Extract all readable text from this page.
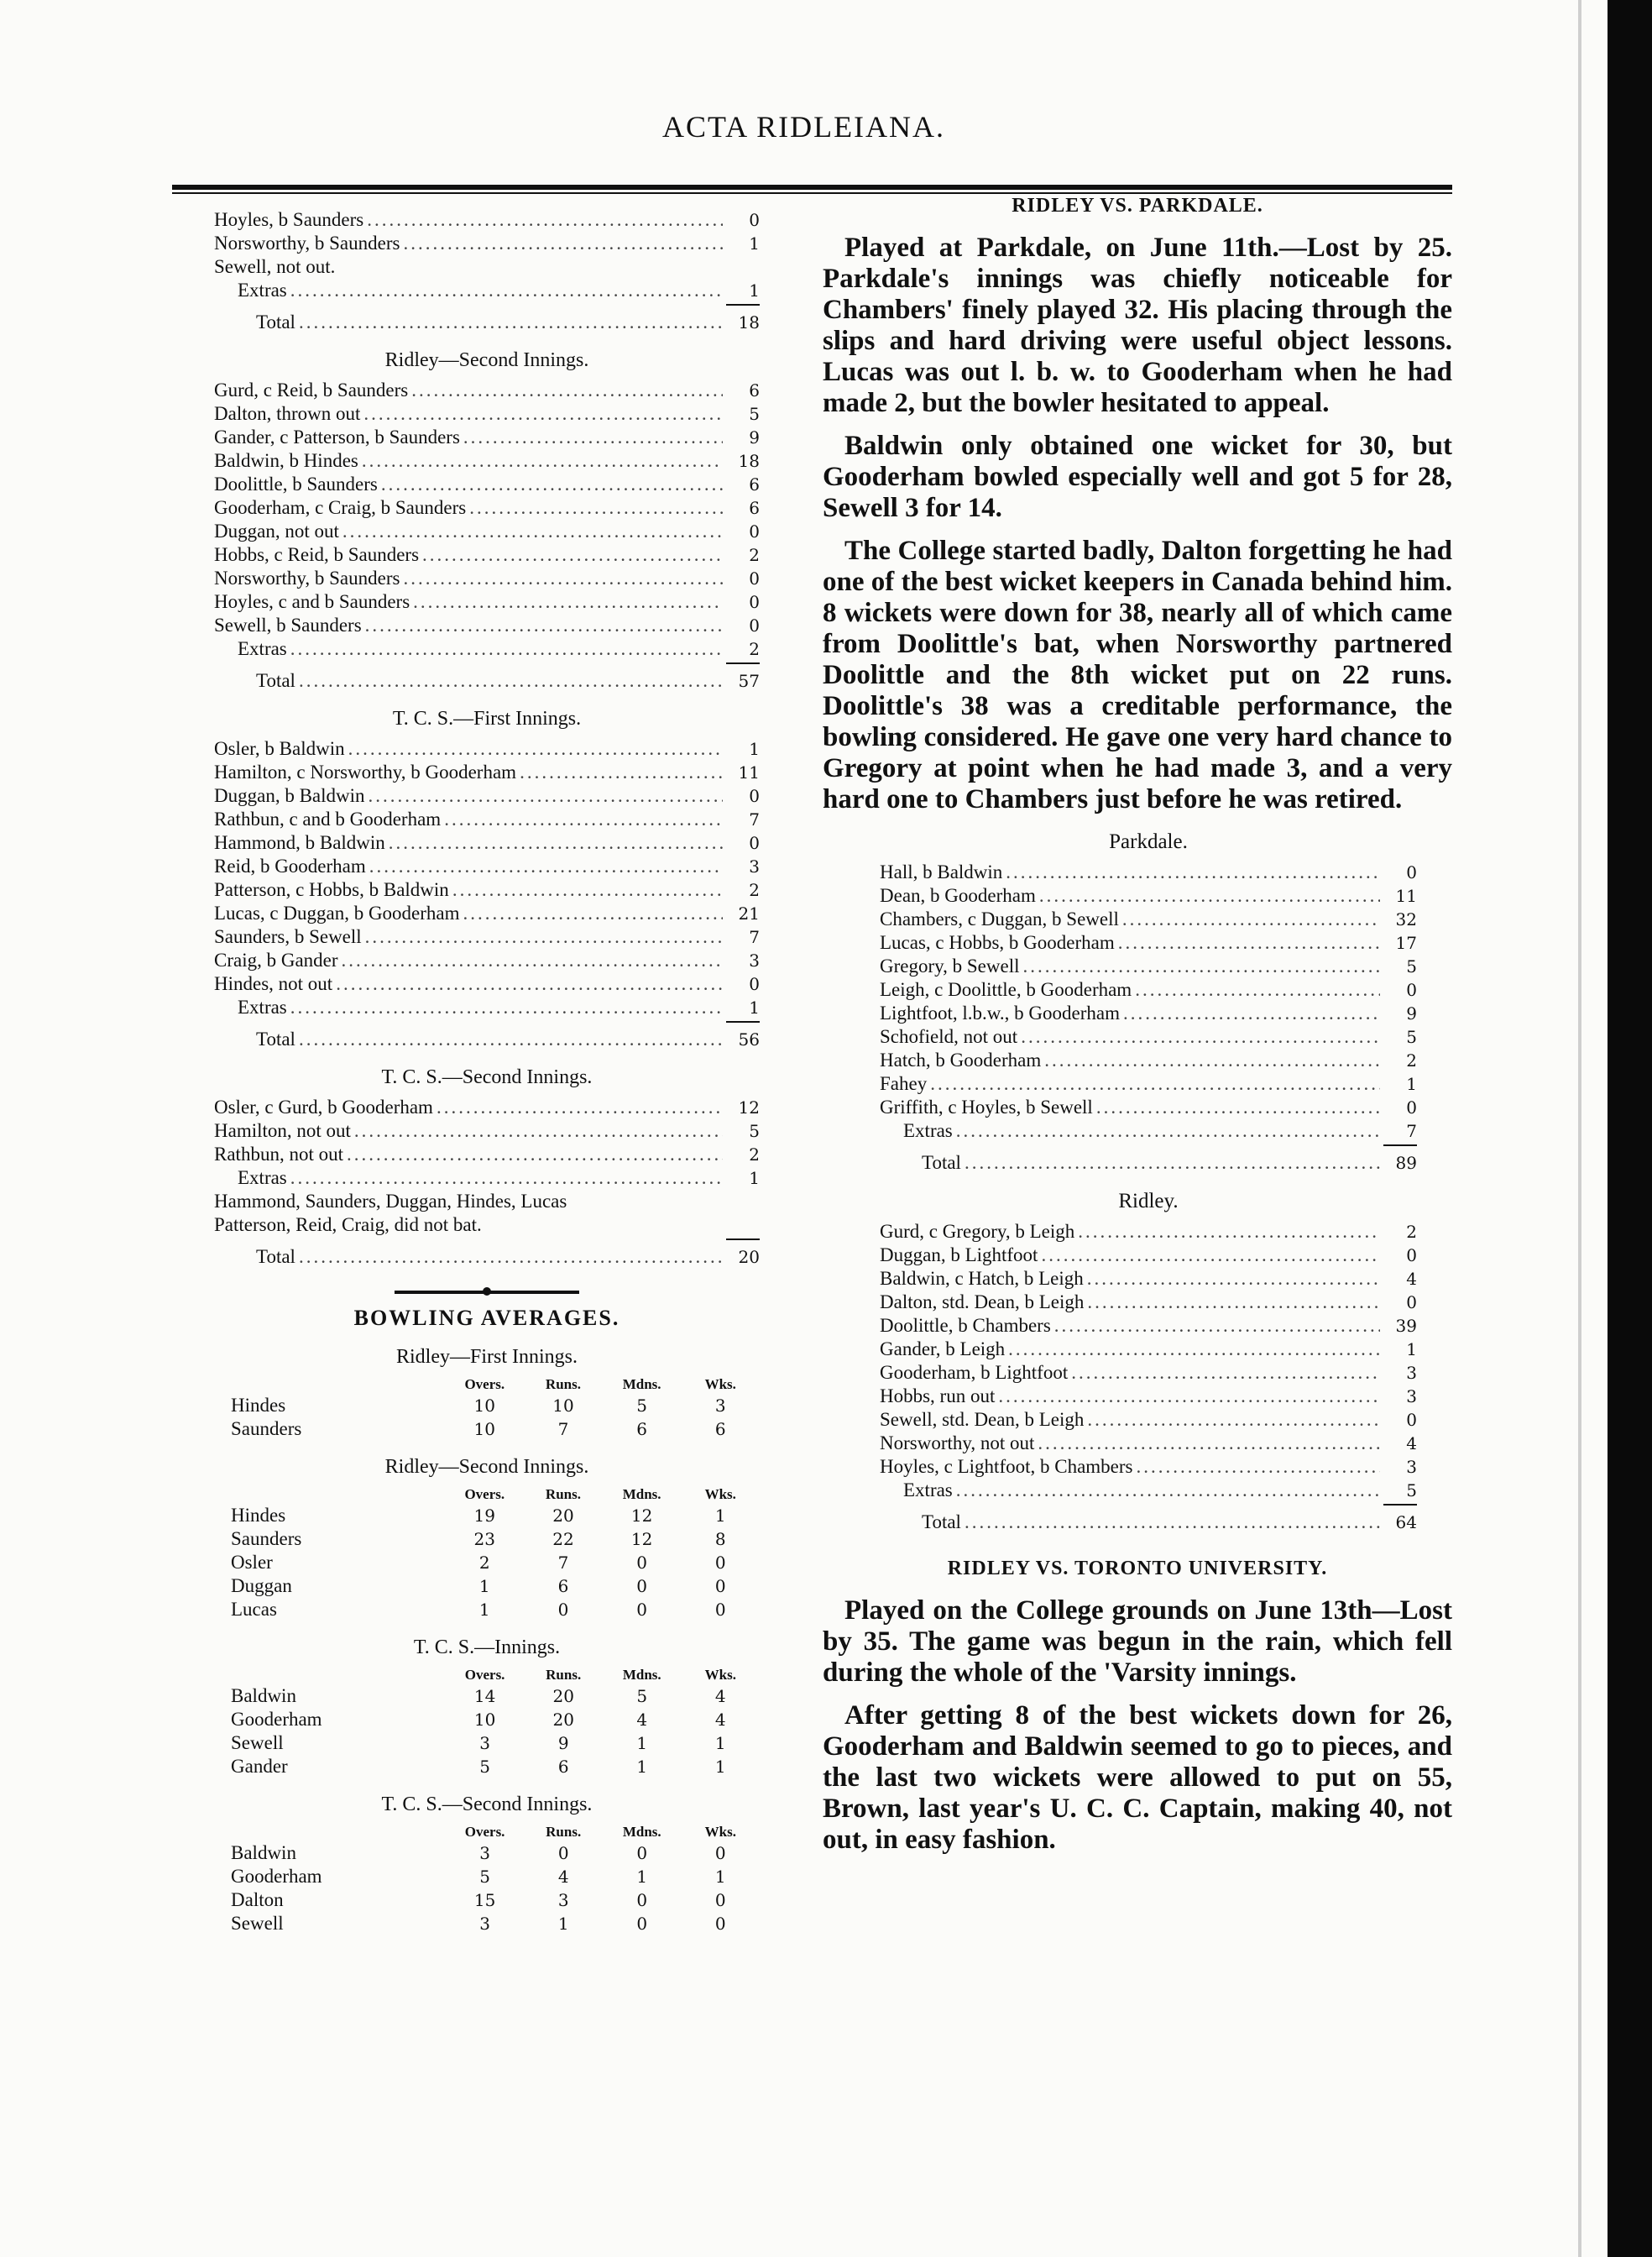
ACTA RIDLEIANA.
Hoyles, b Saunders .....	0
Norsworthy, b Saunders .....	1
Sewell, not out.
Extras .....	1
Total .....	18
Ridley—Second Innings.
Gurd, c Reid, b Saunders .....	6
Dalton, thrown out .....	5
Gander, c Patterson, b Saunders .....	9
Baldwin, b Hindes .....	18
Doolittle, b Saunders .....	6
Gooderham, c Craig, b Saunders .....	6
Duggan, not out .....	0
Hobbs, c Reid, b Saunders .....	2
Norsworthy, b Saunders .....	0
Hoyles, c and b Saunders .....	0
Sewell, b Saunders .....	0
Extras .....	2
Total .....	57
T. C. S.—First Innings.
Osler, b Baldwin .....	1
Hamilton, c Norsworthy, b Gooderham .....	11
Duggan, b Baldwin .....	0
Rathbun, c and b Gooderham .....	7
Hammond, b Baldwin .....	0
Reid, b Gooderham .....	3
Patterson, c Hobbs, b Baldwin .....	2
Lucas, c Duggan, b Gooderham .....	21
Saunders, b Sewell .....	7
Craig, b Gander .....	3
Hindes, not out .....	0
Extras .....	1
Total .....	56
T. C. S.—Second Innings.
Osler, c Gurd, b Gooderham .....	12
Hamilton, not out .....	5
Rathbun, not out .....	2
Extras .....	1
Hammond, Saunders, Duggan, Hindes, Lucas
Patterson, Reid, Craig, did not bat.
Total .....	20
BOWLING AVERAGES.
Ridley—First Innings.
	Overs.	Runs.	Mdns.	Wks.
Hindes	10	10	5	3
Saunders	10	7	6	6
Ridley—Second Innings.
	Overs.	Runs.	Mdns.	Wks.
Hindes	19	20	12	1
Saunders	23	22	12	8
Osler	2	7	0	0
Duggan	1	6	0	0
Lucas	1	0	0	0
T. C. S.—Innings.
	Overs.	Runs.	Mdns.	Wks.
Baldwin	14	20	5	4
Gooderham	10	20	4	4
Sewell	3	9	1	1
Gander	5	6	1	1
T. C. S.—Second Innings.
	Overs.	Runs.	Mdns.	Wks.
Baldwin	3	0	0	0
Gooderham	5	4	1	1
Dalton	15	3	0	0
Sewell	3	1	0	0
RIDLEY VS. PARKDALE.

Played at Parkdale, on June 11th.—Lost by 25. Parkdale's innings was chiefly noticeable for Chambers' finely played 32. His placing through the slips and hard driving were useful object lessons. Lucas was out l. b. w. to Gooderham when he had made 2, but the bowler hesitated to appeal.

Baldwin only obtained one wicket for 30, but Gooderham bowled especially well and got 5 for 28, Sewell 3 for 14.

The College started badly, Dalton forgetting he had one of the best wicket keepers in Canada behind him. 8 wickets were down for 38, nearly all of which came from Doolittle's bat, when Norsworthy partnered Doolittle and the 8th wicket put on 22 runs. Doolittle's 38 was a creditable performance, the bowling considered. He gave one very hard chance to Gregory at point when he had made 3, and a very hard one to Chambers just before he was retired.

Parkdale.
Hall, b Baldwin .....	0
Dean, b Gooderham .....	11
Chambers, c Duggan, b Sewell .....	32
Lucas, c Hobbs, b Gooderham .....	17
Gregory, b Sewell .....	5
Leigh, c Doolittle, b Gooderham .....	0
Lightfoot, l.b.w., b Gooderham .....	9
Schofield, not out .....	5
Hatch, b Gooderham .....	2
Fahey .....	1
Griffith, c Hoyles, b Sewell .....	0
Extras .....	7
Total .....	89
Ridley.
Gurd, c Gregory, b Leigh .....	2
Duggan, b Lightfoot .....	0
Baldwin, c Hatch, b Leigh .....	4
Dalton, std. Dean, b Leigh .....	0
Doolittle, b Chambers .....	39
Gander, b Leigh .....	1
Gooderham, b Lightfoot .....	3
Hobbs, run out .....	3
Sewell, std. Dean, b Leigh .....	0
Norsworthy, not out .....	4
Hoyles, c Lightfoot, b Chambers .....	3
Extras .....	5
Total .....	64
RIDLEY VS. TORONTO UNIVERSITY.

Played on the College grounds on June 13th—Lost by 35. The game was begun in the rain, which fell during the whole of the 'Varsity innings.

After getting 8 of the best wickets down for 26, Gooderham and Baldwin seemed to go to pieces, and the last two wickets were allowed to put on 55, Brown, last year's U. C. C. Captain, making 40, not out, in easy fashion.
